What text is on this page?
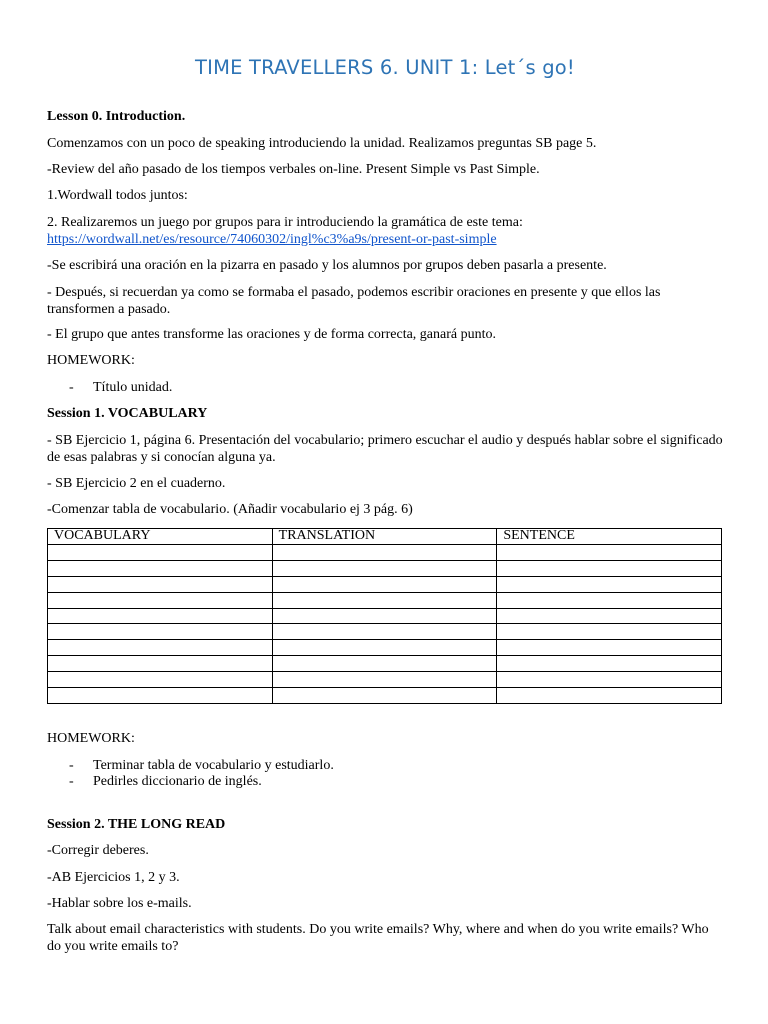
TIME TRAVELLERS 6. UNIT 1: Let´s go!
Lesson 0. Introduction.
Comenzamos con un poco de speaking introduciendo la unidad. Realizamos preguntas SB page 5.
-Review del año pasado de los tiempos verbales on-line. Present Simple vs Past Simple.
1.Wordwall todos juntos:
2. Realizaremos un juego por grupos para ir introduciendo la gramática de este tema:
https://wordwall.net/es/resource/74060302/ingl%c3%a9s/present-or-past-simple
-Se escribirá una oración en la pizarra en pasado y los alumnos por grupos deben pasarla a presente.
- Después, si recuerdan ya como se formaba el pasado, podemos escribir oraciones en presente y que ellos las transformen a pasado.
- El grupo que antes transforme las oraciones y de forma correcta, ganará punto.
HOMEWORK:
- Título unidad.
Session 1. VOCABULARY
- SB Ejercicio 1, página 6. Presentación del vocabulario; primero escuchar el audio y después hablar sobre el significado de esas palabras y si conocían alguna ya.
- SB Ejercicio 2 en el cuaderno.
-Comenzar tabla de vocabulario. (Añadir vocabulario ej 3 pág. 6)
VOCABULARY	TRANSLATION	SENTENCE

HOMEWORK:
- Terminar tabla de vocabulario y estudiarlo.
- Pedirles diccionario de inglés.
Session 2. THE LONG READ
-Corregir deberes.
-AB Ejercicios 1, 2 y 3.
-Hablar sobre los e-mails.
Talk about email characteristics with students. Do you write emails? Why, where and when do you write emails? Who do you write emails to?
